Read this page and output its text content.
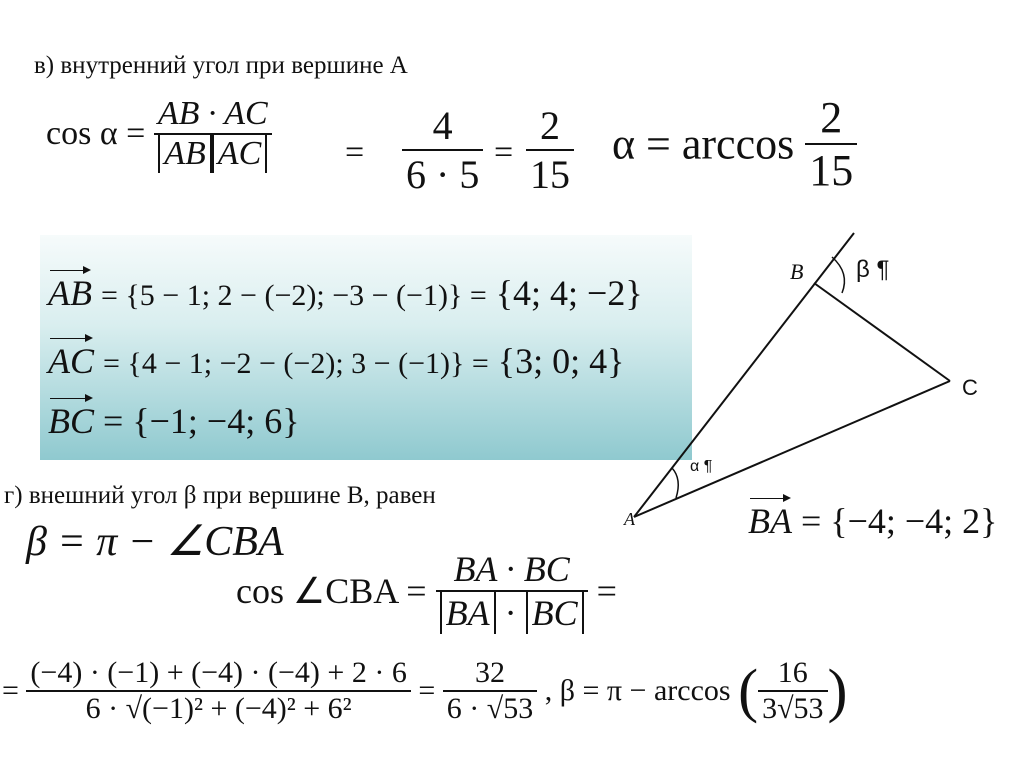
в) внутренний угол при вершине А
$\cos \alpha = \frac{AB \cdot AC}{\text{AB AC}} = \frac{4}{6 \cdot 5} = \frac{2}{15}$ $\alpha = \arccos \frac{2}{15}$
AB = {5 − 1; 2 − (−2); −3 − (−1)} = {4; 4; −2}
AC = {4 − 1; −2 − (−2); 3 − (−1)} = {3; 0; 4}
BC = {−1; −4; 6}
B
C
A
α ¶
β ¶
г) внешний угол β при вершине B, равен
β = π − ∠CBA	BA = {−4; −4; 2}
cos ∠CBA = $\frac{BA \cdot BC}{BA \cdot BC}$ =
= $\frac{(-4) \cdot (-1) + (-4) \cdot (-4) + 2 \cdot 6}{\text{6 · √(−1)² + (−4)² + 6²}} = \frac{32}{6 \cdot √53}$ , β = π − arccos ( $\frac{16}{3√53}$ )
